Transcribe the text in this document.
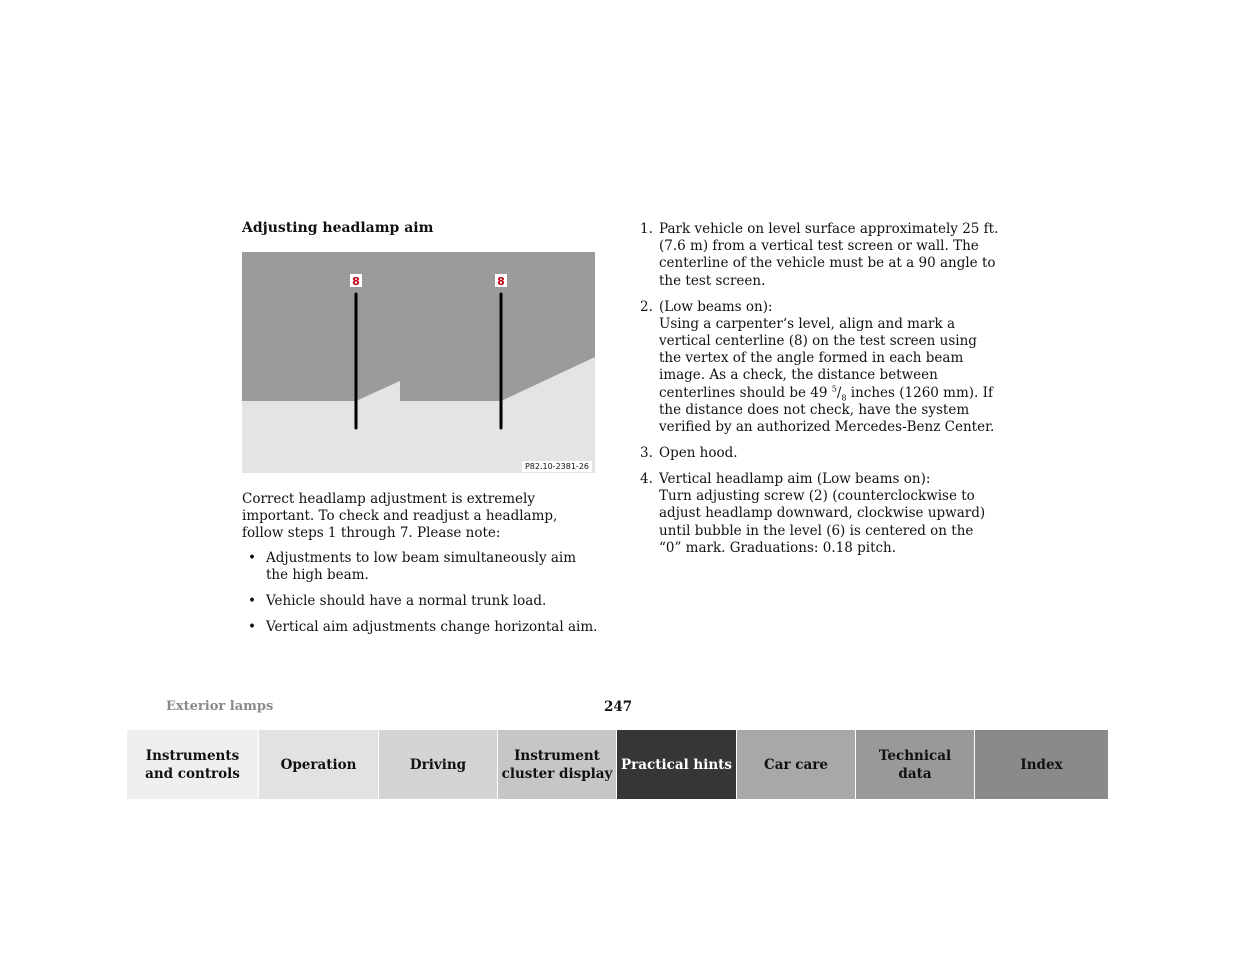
Adjusting headlamp aim
8	8
P82.10-2381-26

Correct headlamp adjustment is extremely important. To check and readjust a headlamp, follow steps 1 through 7. Please note:

• Adjustments to low beam simultaneously aim the high beam.
• Vehicle should have a normal trunk load.
• Vertical aim adjustments change horizontal aim.
1. Park vehicle on level surface approximately 25 ft. (7.6 m) from a vertical test screen or wall. The centerline of the vehicle must be at a 90 angle to the test screen.
2. (Low beams on):
Using a carpenter‘s level, align and mark a vertical centerline (8) on the test screen using the vertex of the angle formed in each beam image. As a check, the distance between centerlines should be 49 $^5/_8$ inches (1260 mm). If the distance does not check, have the system verified by an authorized Mercedes-Benz Center.
3. Open hood.
4. Vertical headlamp aim (Low beams on):
Turn adjusting screw (2) (counterclockwise to adjust headlamp downward, clockwise upward) until bubble in the level (6) is centered on the “0” mark. Graduations: 0.18 pitch.
Exterior lamps	247
Instruments
and controls
Operation	Driving
Instrument
cluster display
Practical hints	Car care
Technical
data
Index
